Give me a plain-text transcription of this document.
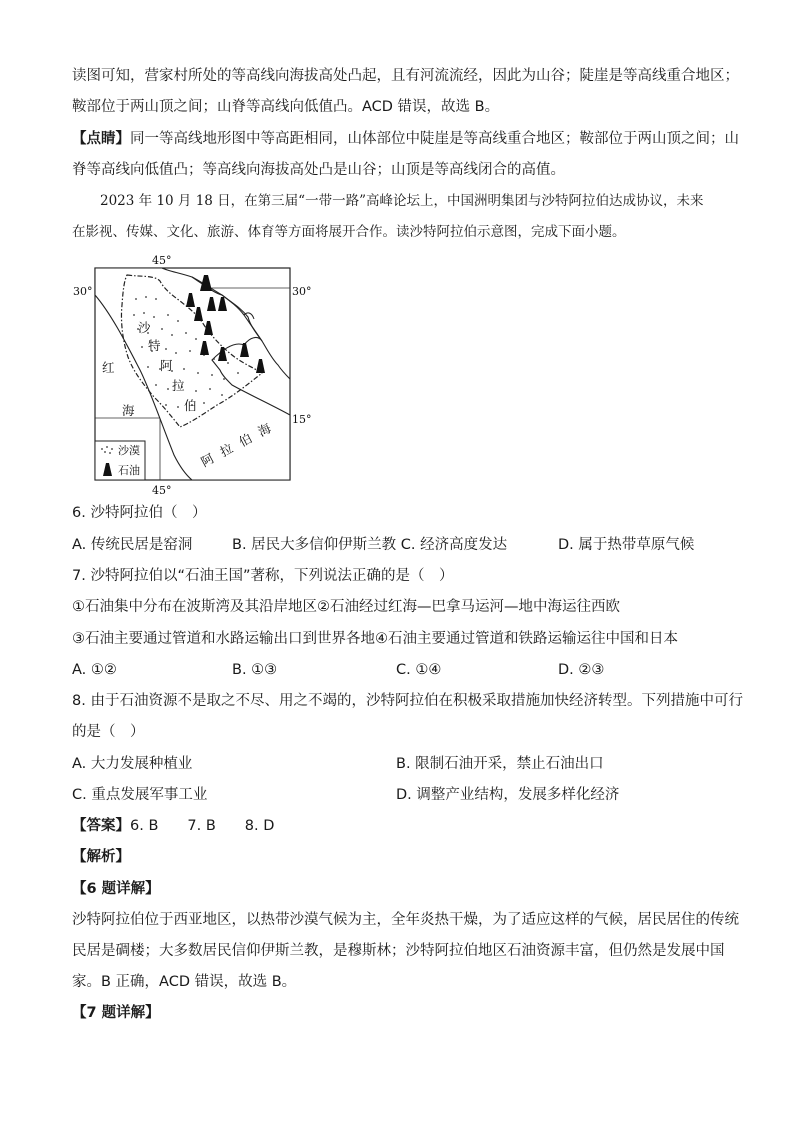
读图可知，营家村所处的等高线向海拔高处凸起，且有河流流经，因此为山谷；陡崖是等高线重合地区；
鞍部位于两山顶之间；山脊等高线向低值凸。ACD 错误，故选 B。
【点睛】同一等高线地形图中等高距相同，山体部位中陡崖是等高线重合地区；鞍部位于两山顶之间；山
脊等高线向低值凸；等高线向海拔高处凸是山谷；山顶是等高线闭合的高值。
2023 年 10 月 18 日，在第三届“一带一路”高峰论坛上，中国洲明集团与沙特阿拉伯达成协议，未来
在影视、传媒、文化、旅游、体育等方面将展开合作。读沙特阿拉伯示意图，完成下面小题。
45°
30°	30°
15°
45°
沙
特
阿
拉
伯
红
海
阿拉伯海
沙漠
石油
6. 沙特阿拉伯（　）
A. 传统民居是窑洞	B. 居民大多信仰伊斯兰教 C. 经济高度发达	D. 属于热带草原气候
7. 沙特阿拉伯以“石油王国”著称，下列说法正确的是（　）
①石油集中分布在波斯湾及其沿岸地区②石油经过红海—巴拿马运河—地中海运往西欧
③石油主要通过管道和水路运输出口到世界各地④石油主要通过管道和铁路运输运往中国和日本
A. ①②	B. ①③	C. ①④	D. ②③
8. 由于石油资源不是取之不尽、用之不竭的，沙特阿拉伯在积极采取措施加快经济转型。下列措施中可行
的是（　）
A. 大力发展种植业	B. 限制石油开采，禁止石油出口
C. 重点发展军事工业	D. 调整产业结构，发展多样化经济
【答案】6. B　　7. B　　8. D
【解析】
【6 题详解】
沙特阿拉伯位于西亚地区，以热带沙漠气候为主，全年炎热干燥，为了适应这样的气候，居民居住的传统
民居是碉楼；大多数居民信仰伊斯兰教，是穆斯林；沙特阿拉伯地区石油资源丰富，但仍然是发展中国
家。B 正确，ACD 错误，故选 B。
【7 题详解】
